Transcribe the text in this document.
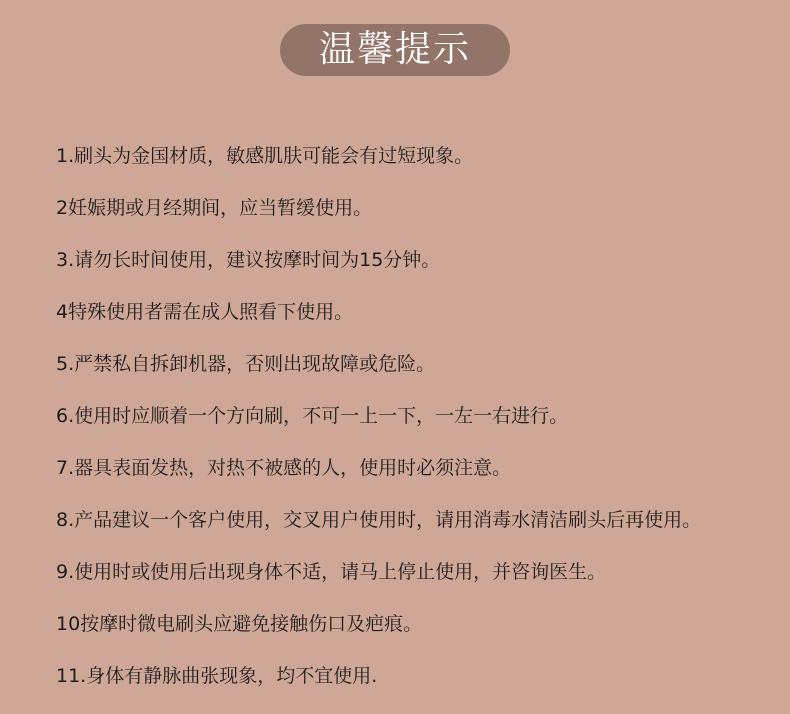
温馨提示
1.刷头为金国材质，敏感肌肤可能会有过短现象。
2妊娠期或月经期间，应当暂缓使用。
3.请勿长时间使用，建议按摩时间为15分钟。
4特殊使用者需在成人照看下使用。
5.严禁私自拆卸机器，否则出现故障或危险。
6.使用时应顺着一个方向刷，不可一上一下，一左一右进行。
7.器具表面发热，对热不被感的人，使用时必须注意。
8.产品建议一个客户使用，交叉用户使用时，请用消毒水清洁刷头后再使用。
9.使用时或使用后出现身体不适，请马上停止使用，并咨询医生。
10按摩时微电刷头应避免接触伤口及疤痕。
11.身体有静脉曲张现象，均不宜使用.
